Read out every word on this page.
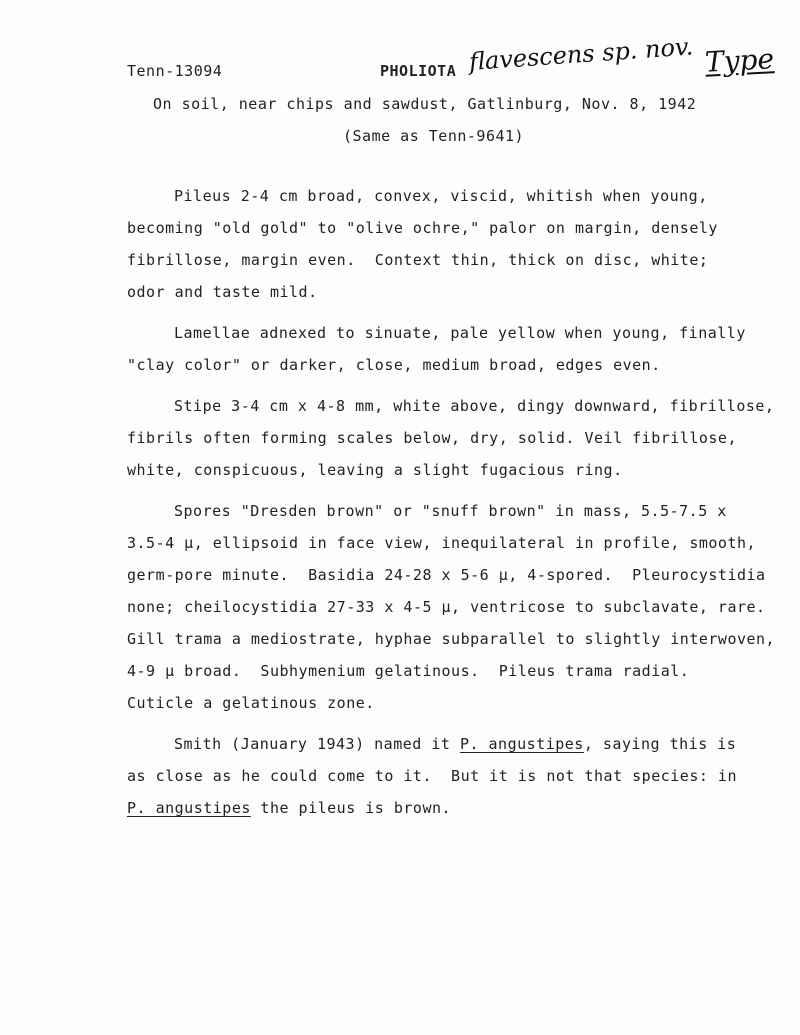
Tenn-13094	PHOLIOTA flavescens sp. nov. Type
On soil, near chips and sawdust, Gatlinburg, Nov. 8, 1942
(Same as Tenn-9641)
Pileus 2-4 cm broad, convex, viscid, whitish when young,
becoming "old gold" to "olive ochre," palor on margin, densely
fibrillose, margin even.  Context thin, thick on disc, white;
odor and taste mild.
Lamellae adnexed to sinuate, pale yellow when young, finally
"clay color" or darker, close, medium broad, edges even.
Stipe 3-4 cm x 4-8 mm, white above, dingy downward, fibrillose,
fibrils often forming scales below, dry, solid. Veil fibrillose,
white, conspicuous, leaving a slight fugacious ring.
Spores "Dresden brown" or "snuff brown" in mass, 5.5-7.5 x
3.5-4 μ, ellipsoid in face view, inequilateral in profile, smooth,
germ-pore minute.  Basidia 24-28 x 5-6 μ, 4-spored.  Pleurocystidia
none; cheilocystidia 27-33 x 4-5 μ, ventricose to subclavate, rare.
Gill trama a mediostrate, hyphae subparallel to slightly interwoven,
4-9 μ broad.  Subhymenium gelatinous.  Pileus trama radial.
Cuticle a gelatinous zone.
Smith (January 1943) named it P. angustipes, saying this is
as close as he could come to it.  But it is not that species: in
P. angustipes the pileus is brown.
